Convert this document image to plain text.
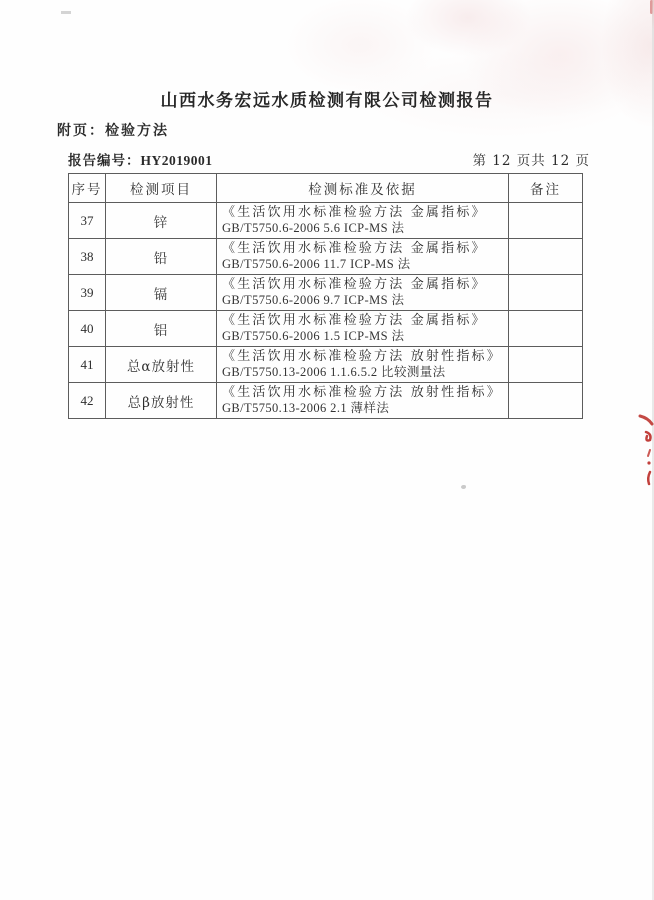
山西水务宏远水质检测有限公司检测报告
附页：检验方法
报告编号：HY2019001	第 12 页共 12 页
序号	检测项目	检测标准及依据	备注
37	锌	《生活饮用水标准检验方法 金属指标》
GB/T5750.6-2006 5.6 ICP-MS 法	

38	铅	《生活饮用水标准检验方法 金属指标》
GB/T5750.6-2006 11.7 ICP-MS 法	

39	镉	《生活饮用水标准检验方法 金属指标》
GB/T5750.6-2006 9.7 ICP-MS 法	

40	铝	《生活饮用水标准检验方法 金属指标》
GB/T5750.6-2006 1.5 ICP-MS 法	

41	总α放射性	《生活饮用水标准检验方法 放射性指标》
GB/T5750.13-2006 1.1.6.5.2 比较测量法	

42	总β放射性	《生活饮用水标准检验方法 放射性指标》
GB/T5750.13-2006 2.1 薄样法	
